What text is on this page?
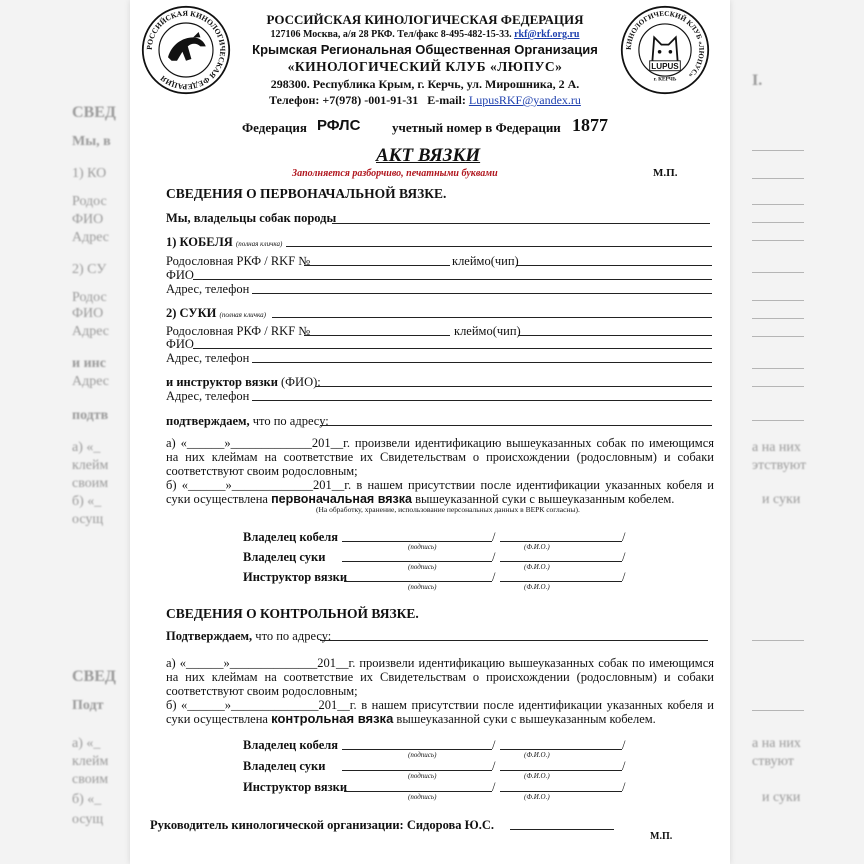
СВЕД
Мы, в
1) КО
Родос
ФИО
Адрес
2) СУ
Родос
ФИО
Адрес
и инс
Адрес
подтв
а) «_
клейм
своим
б) «_
осущ
СВЕД
Подт
а) «_
клейм
своим
б) «_
осущ
I.
а на них
этствуют
и суки
а на них
ствуют
и суки
РОССИЙСКАЯ КИНОЛОГИЧЕСКАЯ ФЕДЕРАЦИЯ
КИНОЛОГИЧЕСКИЙ КЛУБ «ЛЮПУС»
LUPUS
г. КЕРЧЬ
РОССИЙСКАЯ КИНОЛОГИЧЕСКАЯ ФЕДЕРАЦИЯ
127106 Москва, а/я 28 РКФ. Тел/факс 8-495-482-15-33. rkf@rkf.org.ru
Крымская Региональная Общественная Организация
«КИНОЛОГИЧЕСКИЙ КЛУБ «ЛЮПУС»
298300. Республика Крым, г. Керчь, ул. Мирошника, 2 А.
Телефон: +7(978) -001-91-31 E-mail: LupusRKF@yandex.ru
Федерация РФЛС учетный номер в Федерации 1877
АКТ ВЯЗКИ
Заполняется разборчиво, печатными буквами	М.П.
СВЕДЕНИЯ О ПЕРВОНАЧАЛЬНОЙ ВЯЗКЕ.
Мы, владельцы собак породы
1) КОБЕЛЯ (полная кличка)
Родословная РКФ / RKF №	клеймо(чип)
ФИО
Адрес, телефон
2) СУКИ (полная кличка)
Родословная РКФ / RKF №	клеймо(чип)
ФИО
Адрес, телефон
и инструктор вязки (ФИО):
Адрес, телефон
подтверждаем, что по адресу:
а) «______»_____________201__г. произвели идентификацию вышеуказанных собак по имеющимся на них клеймам на соответствие их Свидетельствам о происхождении (родословным) и собаки соответствуют своим родословным;
б) «______»_____________201__г. в нашем присутствии после идентификации указанных кобеля и суки осуществлена первоначальная вязка вышеуказанной суки с вышеуказанным кобелем.
(На обработку, хранение, использование персональных данных в ВЕРК согласны).
Владелец кобеля	/	/
(подпись)	(Ф.И.О.)
Владелец суки	/	/
(подпись)	(Ф.И.О.)
Инструктор вязки	/	/
(подпись)	(Ф.И.О.)
СВЕДЕНИЯ О КОНТРОЛЬНОЙ ВЯЗКЕ.
Подтверждаем, что по адресу:
а) «______»______________201__г. произвели идентификацию вышеуказанных собак по имеющимся на них клеймам на соответствие их Свидетельствам о происхождении (родословным) и собаки соответствуют своим родословным;
б) «______»______________201__г. в нашем присутствии после идентификации указанных кобеля и суки осуществлена контрольная вязка вышеуказанной суки с вышеуказанным кобелем.
Владелец кобеля	/	/
(подпись)	(Ф.И.О.)
Владелец суки	/	/
(подпись)	(Ф.И.О.)
Инструктор вязки	/	/
(подпись)	(Ф.И.О.)
Руководитель кинологической организации: Сидорова Ю.С.
М.П.
